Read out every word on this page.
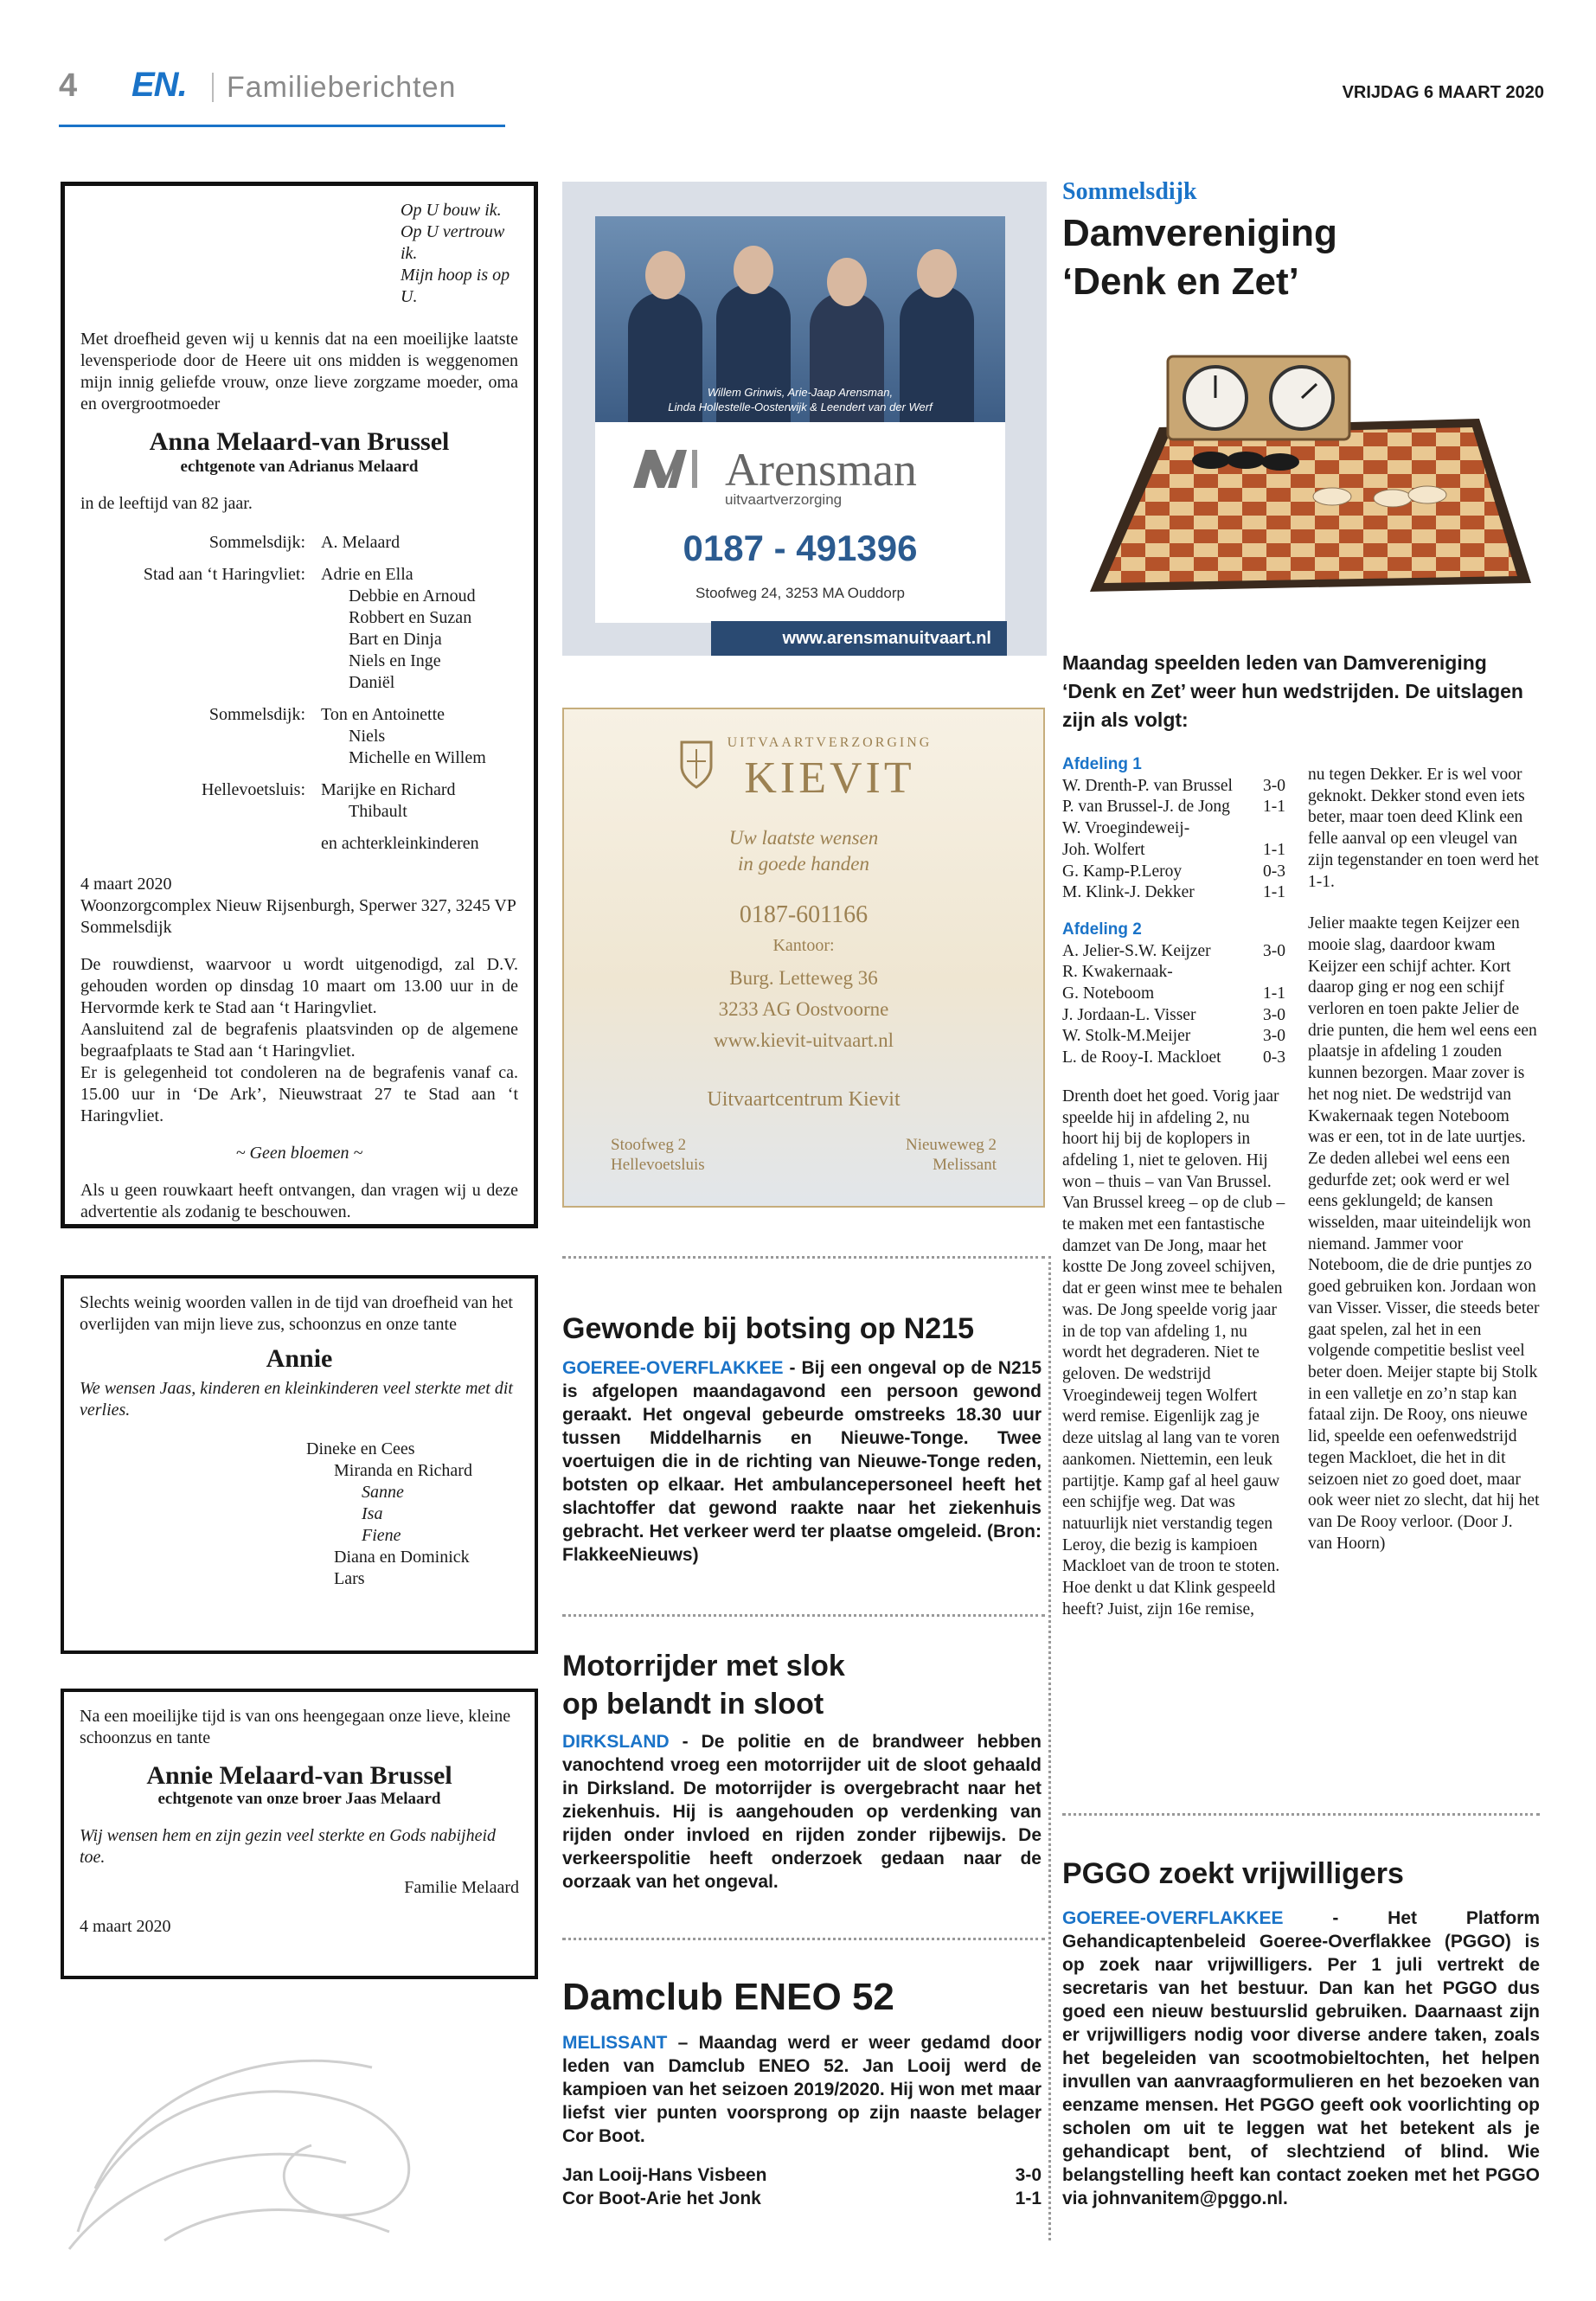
4 EN. Familieberichten	VRIJDAG 6 MAART 2020
Op U bouw ik.
Op U vertrouw ik.
Mijn hoop is op U.
Met droefheid geven wij u kennis dat na een moeilijke laatste levensperiode door de Heere uit ons midden is weggenomen mijn innig geliefde vrouw, onze lieve zorgzame moeder, oma en overgrootmoeder
Anna Melaard-van Brussel
echtgenote van Adrianus Melaard
in de leeftijd van 82 jaar.
Sommelsdijk: A. Melaard
Stad aan ‘t Haringvliet: Adrie en Ella
Debbie en Arnoud
Robbert en Suzan
Bart en Dinja
Niels en Inge
Daniël
Sommelsdijk: Ton en Antoinette
Niels
Michelle en Willem
Hellevoetsluis: Marijke en Richard
Thibault
en achterkleinkinderen
4 maart 2020
Woonzorgcomplex Nieuw Rijsenburgh, Sperwer 327, 3245 VP Sommelsdijk
De rouwdienst, waarvoor u wordt uitgenodigd, zal D.V. gehouden worden op dinsdag 10 maart om 13.00 uur in de Hervormde kerk te Stad aan ‘t Haringvliet.
Aansluitend zal de begrafenis plaatsvinden op de algemene begraafplaats te Stad aan ‘t Haringvliet.
Er is gelegenheid tot condoleren na de begrafenis vanaf ca. 15.00 uur in ‘De Ark’, Nieuwstraat 27 te Stad aan ‘t Haringvliet.
~ Geen bloemen ~
Als u geen rouwkaart heeft ontvangen, dan vragen wij u deze advertentie als zodanig te beschouwen.
Slechts weinig woorden vallen in de tijd van droefheid van het overlijden van mijn lieve zus, schoonzus en onze tante
Annie
We wensen Jaas, kinderen en kleinkinderen veel sterkte met dit verlies.
Dineke en Cees
Miranda en Richard
Sanne
Isa
Fiene
Diana en Dominick
Lars
Na een moeilijke tijd is van ons heengegaan onze lieve, kleine schoonzus en tante
Annie Melaard-van Brussel
echtgenote van onze broer Jaas Melaard
Wij wensen hem en zijn gezin veel sterkte en Gods nabijheid toe.
Familie Melaard
4 maart 2020
Willem Grinwis, Arie-Jaap Arensman,
Linda Hollestelle-Oosterwijk & Leendert van der Werf
Arensman
uitvaartverzorging
0187 - 491396
Stoofweg 24, 3253 MA Ouddorp
www.arensmanuitvaart.nl
UITVAARTVERZORGING
KIEVIT
Uw laatste wensen
in goede handen
0187-601166
Kantoor:
Burg. Letteweg 36
3233 AG Oostvoorne
www.kievit-uitvaart.nl
Uitvaartcentrum Kievit
Stoofweg 2
Hellevoetsluis
Nieuweweg 2
Melissant
Gewonde bij botsing op N215
GOEREE-OVERFLAKKEE - Bij een ongeval op de N215 is afgelopen maandagavond een persoon gewond geraakt. Het ongeval gebeurde omstreeks 18.30 uur tussen Middelharnis en Nieuwe-Tonge. Twee voertuigen die in de richting van Nieuwe-Tonge reden, botsten op elkaar. Het ambulancepersoneel heeft het slachtoffer dat gewond raakte naar het ziekenhuis gebracht. Het verkeer werd ter plaatse omgeleid. (Bron: FlakkeeNieuws)
Motorrijder met slok
op belandt in sloot
DIRKSLAND - De politie en de brandweer hebben vanochtend vroeg een motorrijder uit de sloot gehaald in Dirksland. De motorrijder is overgebracht naar het ziekenhuis. Hij is aangehouden op verdenking van rijden onder invloed en rijden zonder rijbewijs. De verkeerspolitie heeft onderzoek gedaan naar de oorzaak van het ongeval.
Damclub ENEO 52
MELISSANT – Maandag werd er weer gedamd door leden van Damclub ENEO 52. Jan Looij werd de kampioen van het seizoen 2019/2020. Hij won met maar liefst vier punten voorsprong op zijn naaste belager Cor Boot.
Jan Looij-Hans Visbeen	3-0
Cor Boot-Arie het Jonk	1-1
Sommelsdijk
Damvereniging
‘Denk en Zet’
Maandag speelden leden van Damvereniging ‘Denk en Zet’ weer hun wedstrijden. De uitslagen zijn als volgt:
Afdeling 1
W. Drenth-P. van Brussel 3-0
P. van Brussel-J. de Jong 1-1
W. Vroegindeweij-
Joh. Wolfert	1-1
G. Kamp-P.Leroy	0-3
M. Klink-J. Dekker	1-1
Afdeling 2
A. Jelier-S.W. Keijzer	3-0
R. Kwakernaak-
G. Noteboom	1-1
J. Jordaan-L. Visser	3-0
W. Stolk-M.Meijer	3-0
L. de Rooy-I. Mackloet 0-3
Drenth doet het goed. Vorig jaar speelde hij in afdeling 2, nu hoort hij bij de koplopers in afdeling 1, niet te geloven. Hij won – thuis – van Van Brussel. Van Brussel kreeg – op de club – te maken met een fantastische damzet van De Jong, maar het kostte De Jong zoveel schijven, dat er geen winst mee te behalen was. De Jong speelde vorig jaar in de top van afdeling 1, nu wordt het degraderen. Niet te geloven. De wedstrijd Vroegindeweij tegen Wolfert werd remise. Eigenlijk zag je deze uitslag al lang van te voren aankomen. Niettemin, een leuk partijtje. Kamp gaf al heel gauw een schijfje weg. Dat was natuurlijk niet verstandig tegen Leroy, die bezig is kampioen Mackloet van de troon te stoten. Hoe denkt u dat Klink gespeeld heeft? Juist, zijn 16e remise,
nu tegen Dekker. Er is wel voor geknokt. Dekker stond even iets beter, maar toen deed Klink een felle aanval op een vleugel van zijn tegenstander en toen werd het 1-1.
Jelier maakte tegen Keijzer een mooie slag, daardoor kwam Keijzer een schijf achter. Kort daarop ging er nog een schijf verloren en toen pakte Jelier de drie punten, die hem wel eens een plaatsje in afdeling 1 zouden kunnen bezorgen. Maar zover is het nog niet. De wedstrijd van Kwakernaak tegen Noteboom was er een, tot in de late uurtjes. Ze deden allebei wel eens een gedurfde zet; ook werd er wel eens geklungeld; de kansen wisselden, maar uiteindelijk won niemand. Jammer voor Noteboom, die de drie puntjes zo goed gebruiken kon. Jordaan won van Visser. Visser, die steeds beter gaat spelen, zal het in een volgende competitie beslist veel beter doen. Meijer stapte bij Stolk in een valletje en zo’n stap kan fataal zijn. De Rooy, ons nieuwe lid, speelde een oefenwedstrijd tegen Mackloet, die het in dit seizoen niet zo goed doet, maar ook weer niet zo slecht, dat hij het van De Rooy verloor. (Door J. van Hoorn)
PGGO zoekt vrijwilligers
GOEREE-OVERFLAKKEE - Het Platform Gehandicaptenbeleid Goeree-Overflakkee (PGGO) is op zoek naar vrijwilligers. Per 1 juli vertrekt de secretaris van het bestuur. Dan kan het PGGO dus goed een nieuw bestuurslid gebruiken. Daarnaast zijn er vrijwilligers nodig voor diverse andere taken, zoals het begeleiden van scootmobieltochten, het helpen invullen van aanvraagformulieren en het bezoeken van eenzame mensen. Het PGGO geeft ook voorlichting op scholen om uit te leggen wat het betekent als je gehandicapt bent, of slechtziend of blind. Wie belangstelling heeft kan contact zoeken met het PGGO via johnvanitem@pggo.nl.
